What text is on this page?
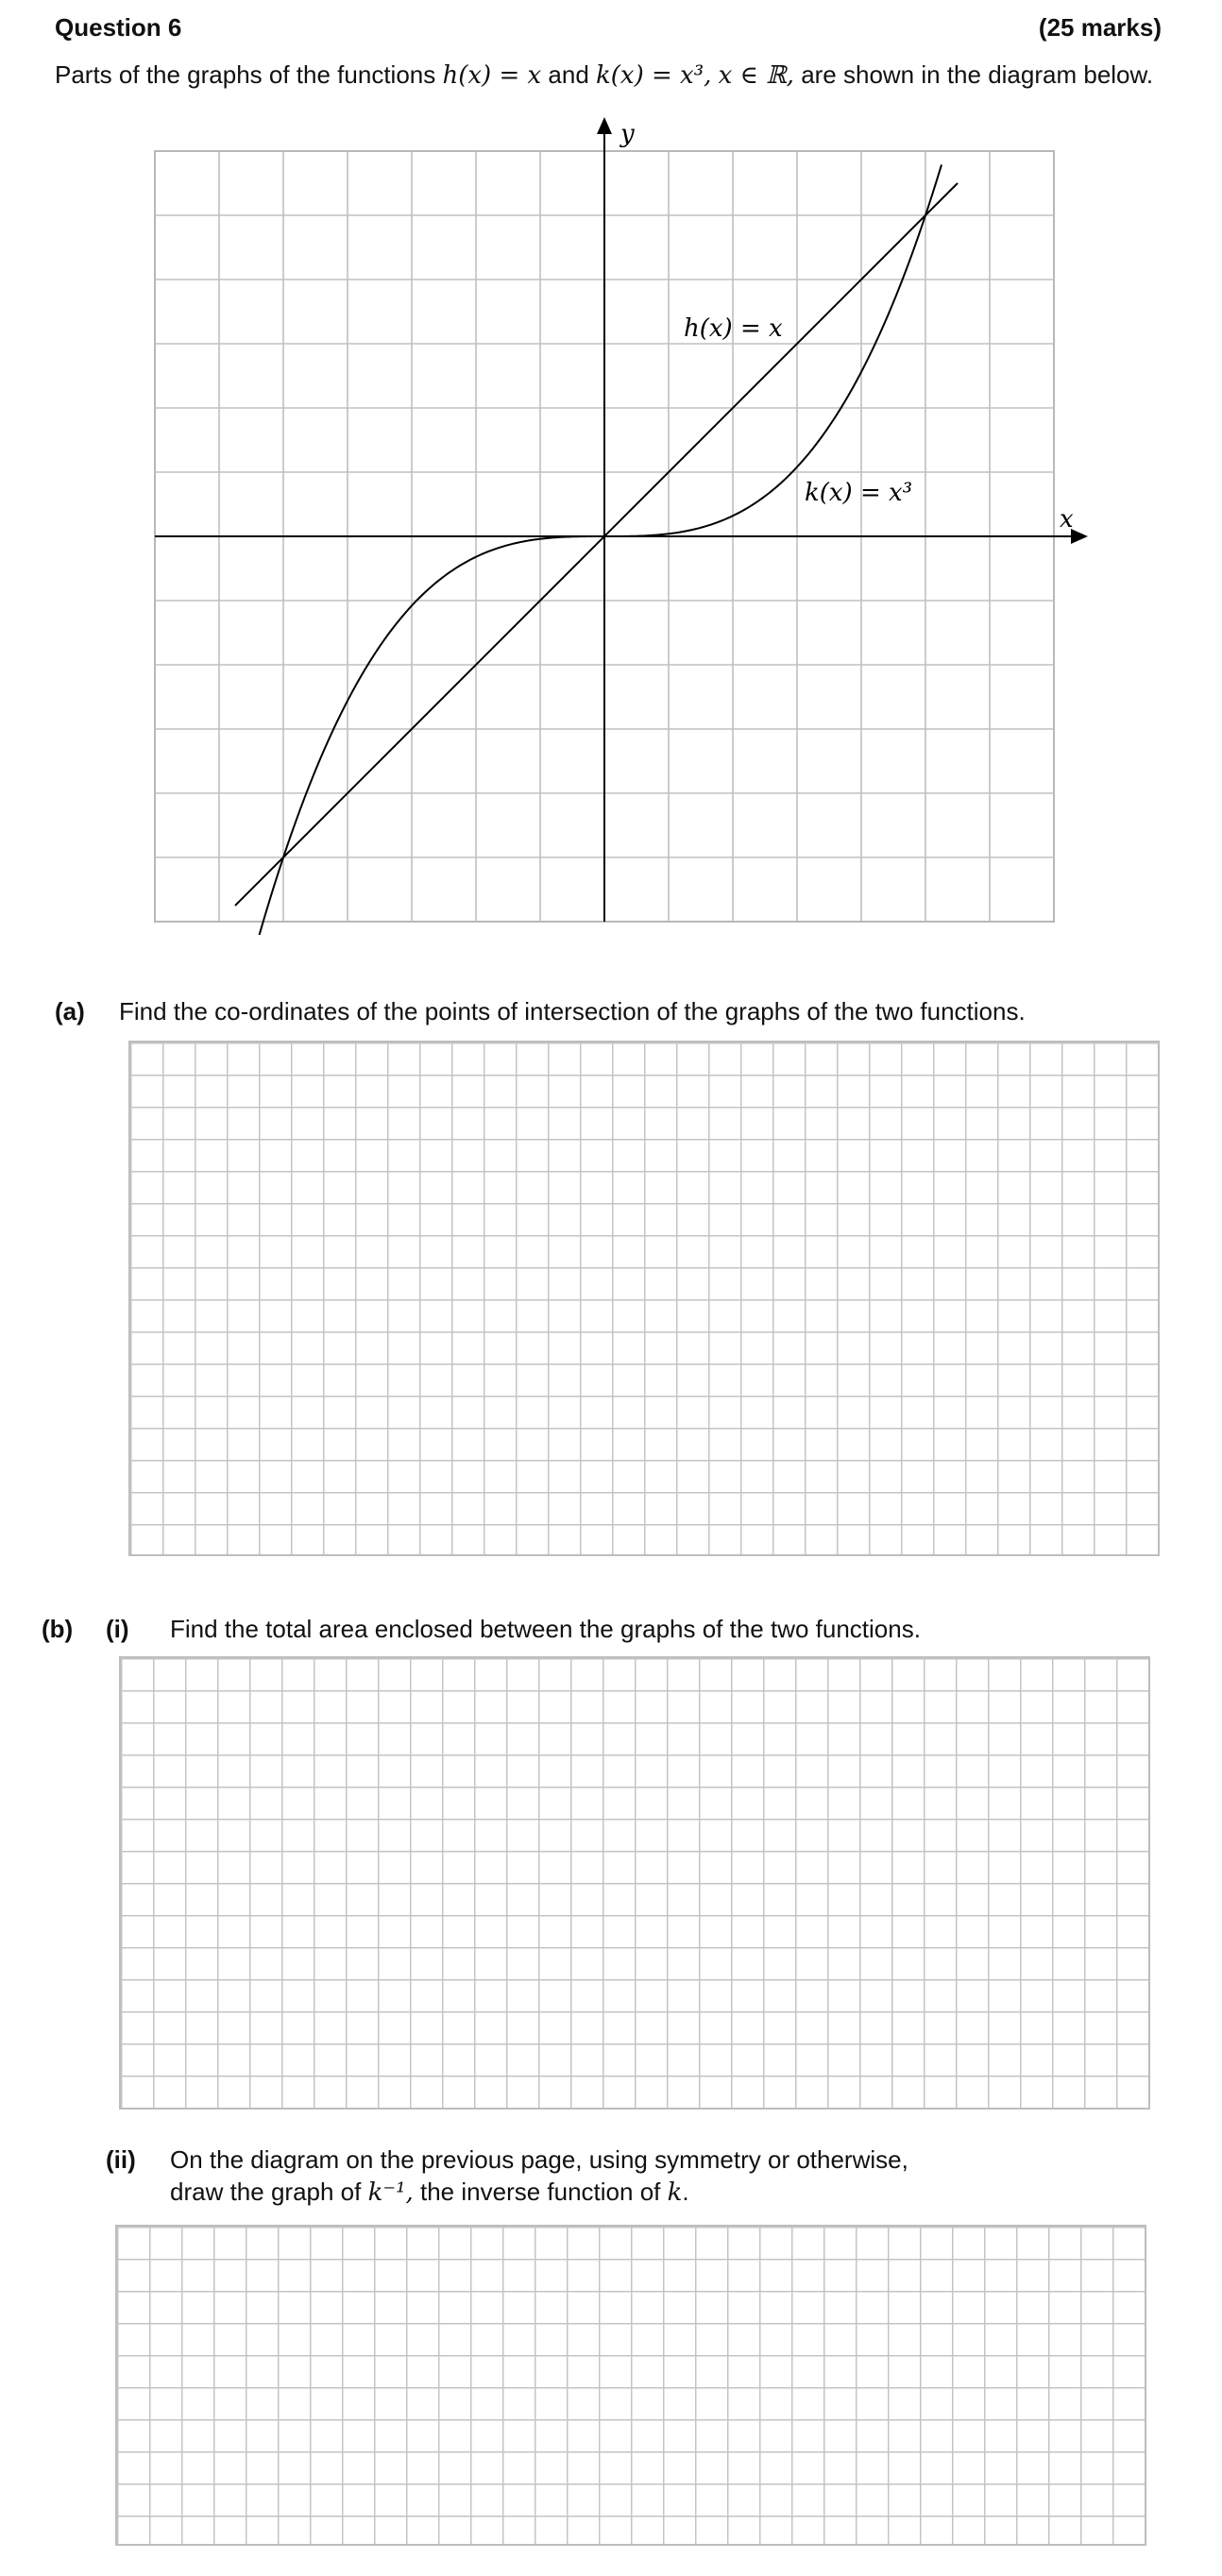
Question 6	(25 marks)
Parts of the graphs of the functions h(x) = x and k(x) = x³, x ∈ ℝ, are shown in the diagram below.
x
y
h(x) = x
k(x) = x³
(a) Find the co-ordinates of the points of intersection of the graphs of the two functions.
(b) (i) Find the total area enclosed between the graphs of the two functions.
(ii) On the diagram on the previous page, using symmetry or otherwise,
draw the graph of k⁻¹, the inverse function of k.
